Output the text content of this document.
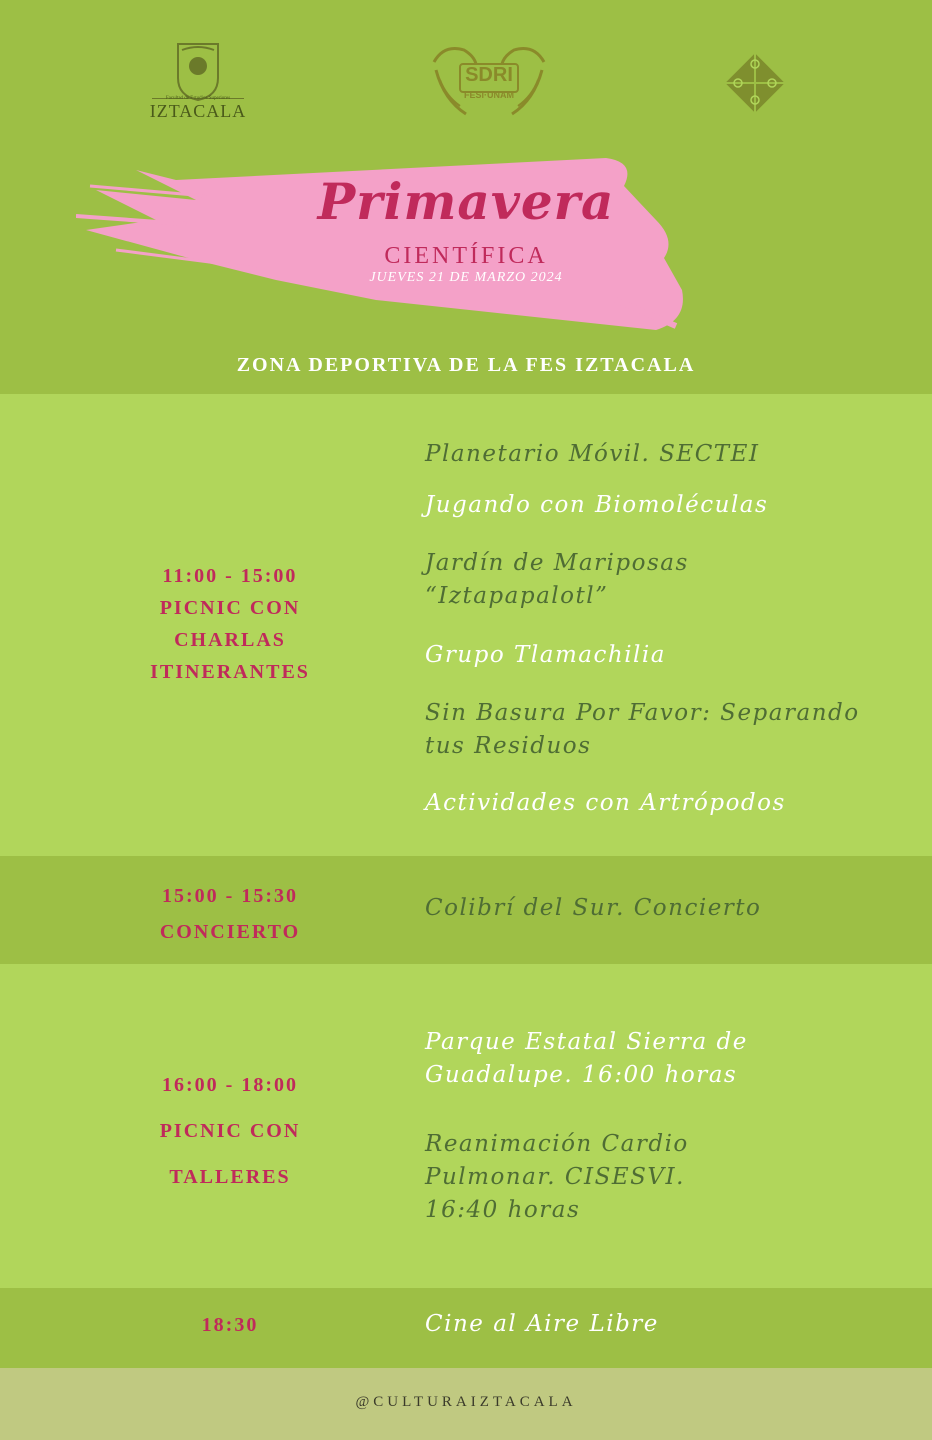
Facultad de Estudios Superiores
IZTACALA
SDRI
FESI·UNAM
Primavera
CIENTÍFICA
JUEVES 21 DE MARZO 2024
ZONA DEPORTIVA DE LA FES IZTACALA
11:00 - 15:00
PICNIC CON
CHARLAS
ITINERANTES
Planetario Móvil. SECTEI
Jugando con Biomoléculas
Jardín de Mariposas “Iztapapalotl”
Grupo Tlamachilia
Sin Basura Por Favor: Separando tus Residuos
Actividades con Artrópodos
15:00 - 15:30
CONCIERTO
Colibrí del Sur. Concierto
16:00 - 18:00
PICNIC CON
TALLERES
Parque Estatal Sierra de Guadalupe. 16:00 horas
Reanimación Cardio Pulmonar. CISESVI. 16:40 horas
18:30	Cine al Aire Libre
@CULTURAIZTACALA
